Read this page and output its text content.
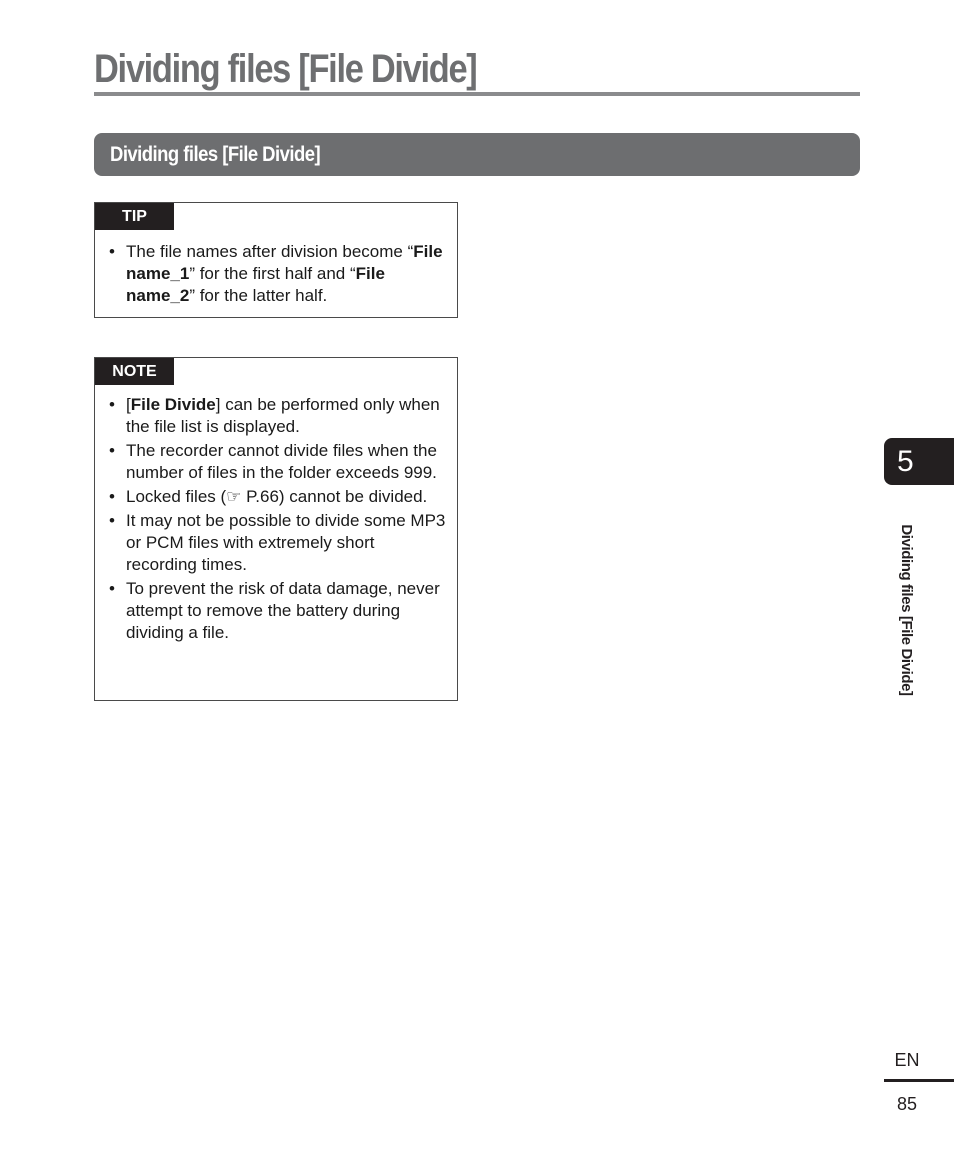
Dividing files [File Divide]
Dividing files [File Divide]
TIP
• The file names after division become “File name_1” for the first half and “File name_2” for the latter half.
NOTE
• [File Divide] can be performed only when the file list is displayed.
• The recorder cannot divide files when the number of files in the folder exceeds 999.
• Locked files (☞ P.66) cannot be divided.
• It may not be possible to divide some MP3 or PCM files with extremely short recording times.
• To prevent the risk of data damage, never attempt to remove the battery during dividing a file.
5
Dividing files [File Divide]
EN
85
